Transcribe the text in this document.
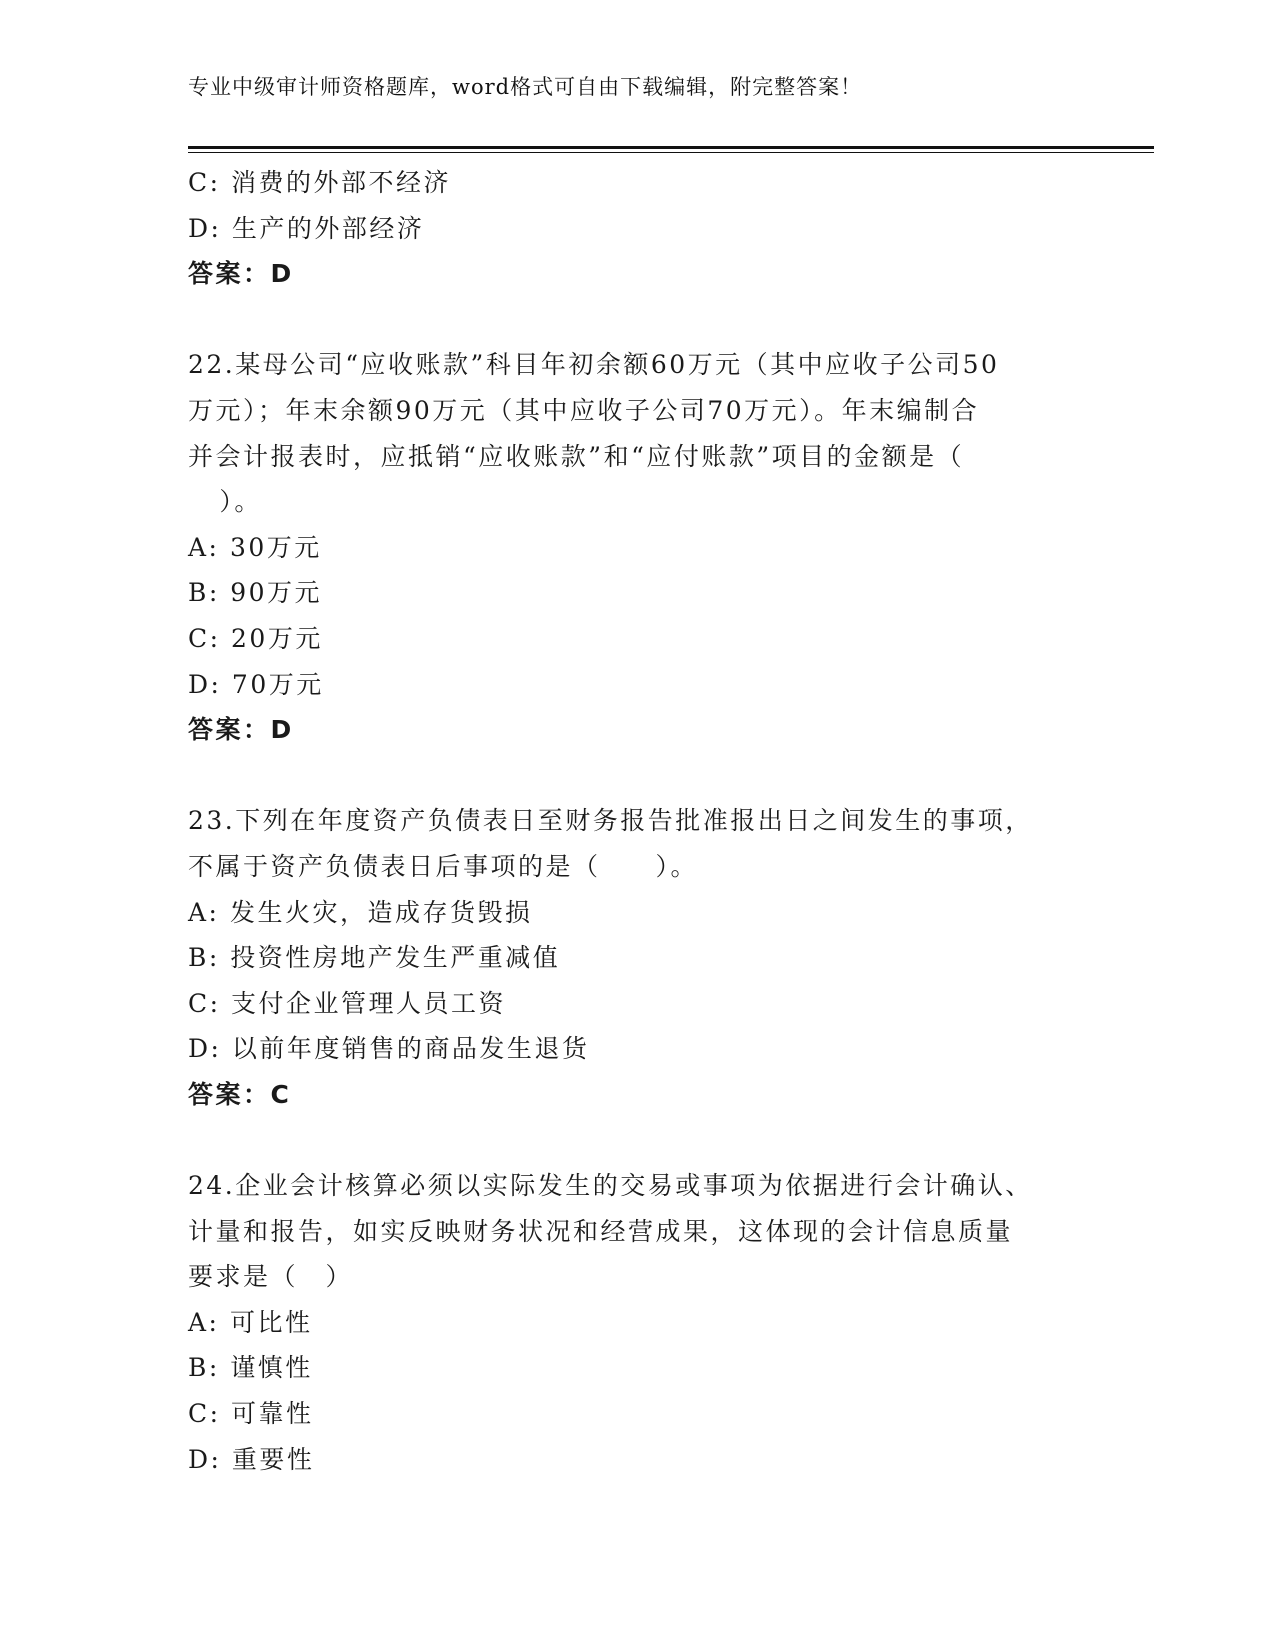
专业中级审计师资格题库，word格式可自由下载编辑，附完整答案！
C: 消费的外部不经济
D: 生产的外部经济
答案：D
22.某母公司“应收账款”科目年初余额60万元（其中应收子公司50
万元）；年末余额90万元（其中应收子公司70万元）。年末编制合
并会计报表时，应抵销“应收账款”和“应付账款”项目的金额是（
）。
A: 30万元
B: 90万元
C: 20万元
D: 70万元
答案：D
23.下列在年度资产负债表日至财务报告批准报出日之间发生的事项，
不属于资产负债表日后事项的是（　　）。
A: 发生火灾，造成存货毁损
B: 投资性房地产发生严重减值
C: 支付企业管理人员工资
D: 以前年度销售的商品发生退货
答案：C
24.企业会计核算必须以实际发生的交易或事项为依据进行会计确认、
计量和报告，如实反映财务状况和经营成果，这体现的会计信息质量
要求是（　）
A: 可比性
B: 谨慎性
C: 可靠性
D: 重要性
